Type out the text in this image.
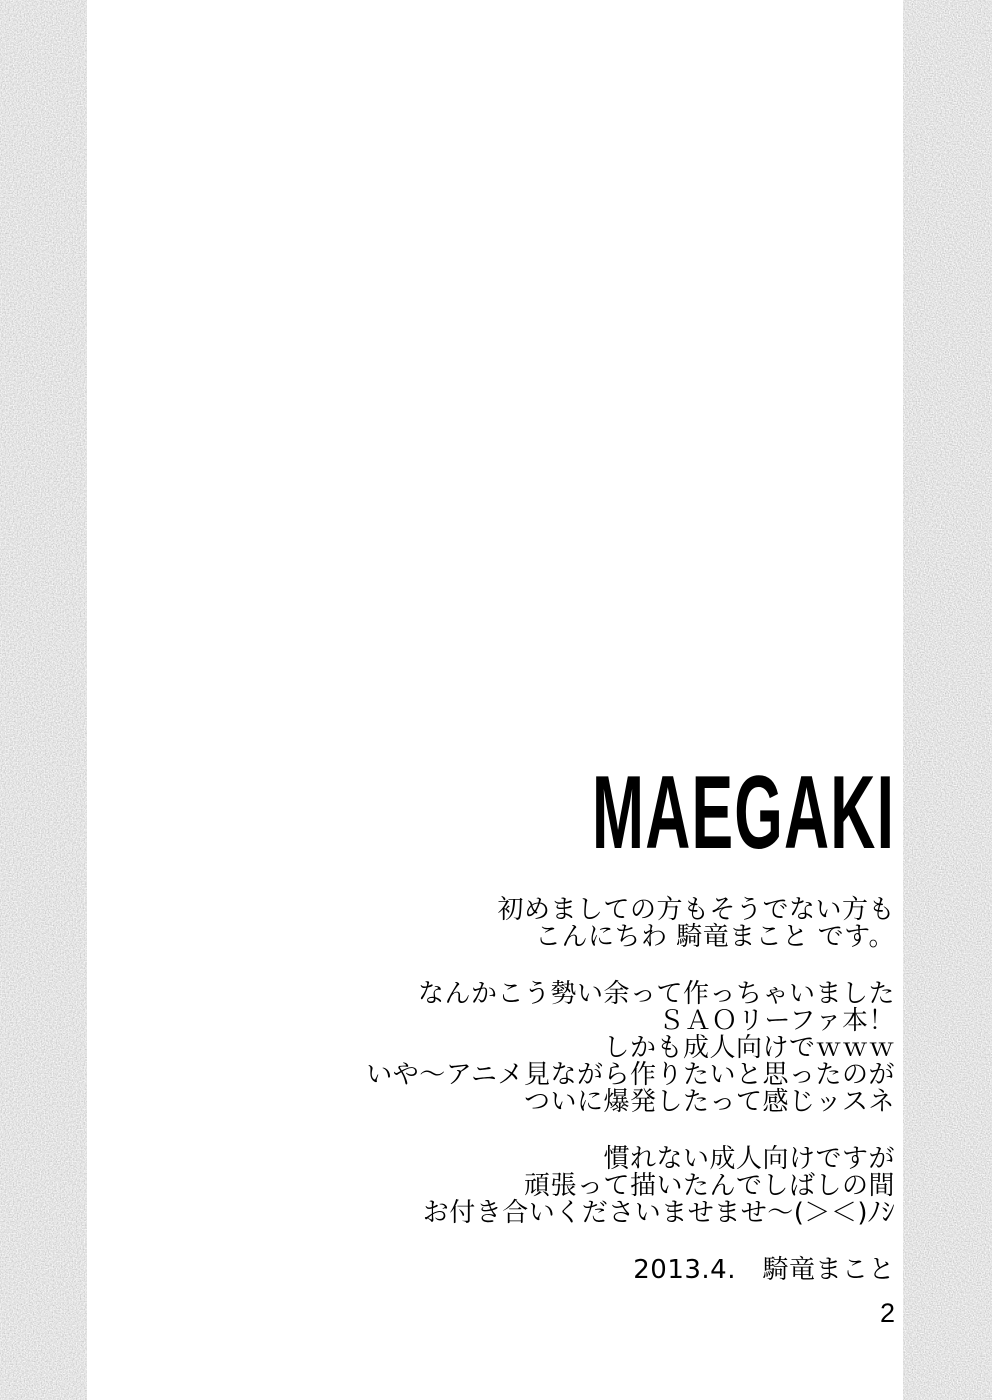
MAEGAKI

初めましての方もそうでない方も
こんにちわ 騎竜まこと です。

なんかこう勢い余って作っちゃいました
ＳＡＯリーファ本！
しかも成人向けでｗｗｗ
いや～アニメ見ながら作りたいと思ったのが
ついに爆発したって感じッスネ

慣れない成人向けですが
頑張って描いたんでしばしの間
お付き合いくださいませませ～(＞＜)ﾉｼ

2013.4.　騎竜まこと
2
